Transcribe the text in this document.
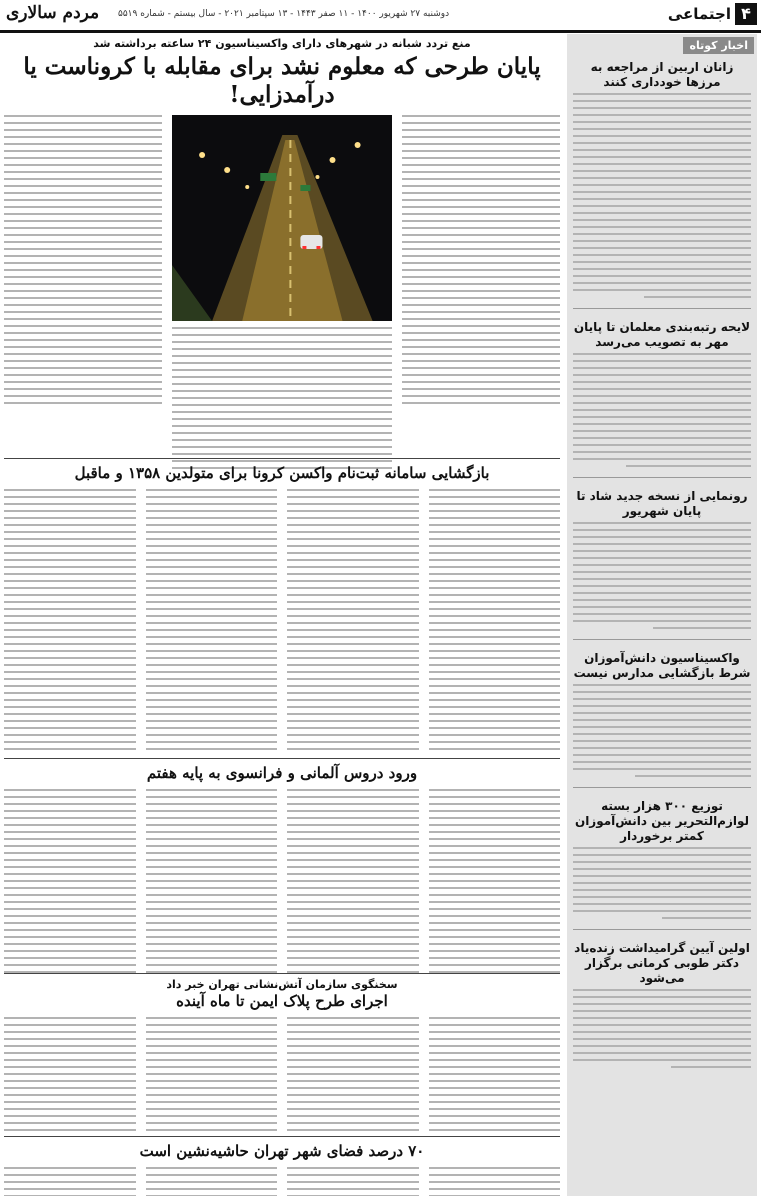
۴
اجتماعی
مردم سالاری دوشنبه ۲۷ شهریور ۱۴۰۰ - ۱۱ صفر ۱۴۴۳ - ۱۳ سپتامبر ۲۰۲۱ - سال بیستم - شماره ۵۵۱۹
اخبار کوتاه
زانان اربین از مراجعه به مرزها خودداری کنند
لایحه رتبه‌بندی معلمان تا پایان مهر به تصویب می‌رسد
رونمایی از نسخه جدید شاد تا پایان شهریور
واکسیناسیون دانش‌آموزان شرط بازگشایی مدارس نیست
توزیع ۳۰۰ هزار بسته لوازم‌التحریر بین دانش‌آموزان کمتر برخوردار
اولین آیین گرامیداشت زنده‌یاد دکتر طوبی کرمانی برگزار می‌شود
منع تردد شبانه در شهرهای دارای واکسیناسیون ۲۴ ساعته برداشته شد
پایان طرحی که معلوم نشد برای مقابله با کروناست یا درآمدزایی!
بازگشایی سامانه ثبت‌نام واکسن کرونا برای متولدین ۱۳۵۸ و ماقبل
ورود دروس آلمانی و فرانسوی به پایه هفتم
سخنگوی سازمان آتش‌نشانی تهران خبر داد
اجرای طرح پلاک ایمن تا ماه آینده
۷۰ درصد فضای شهر تهران حاشیه‌نشین است
